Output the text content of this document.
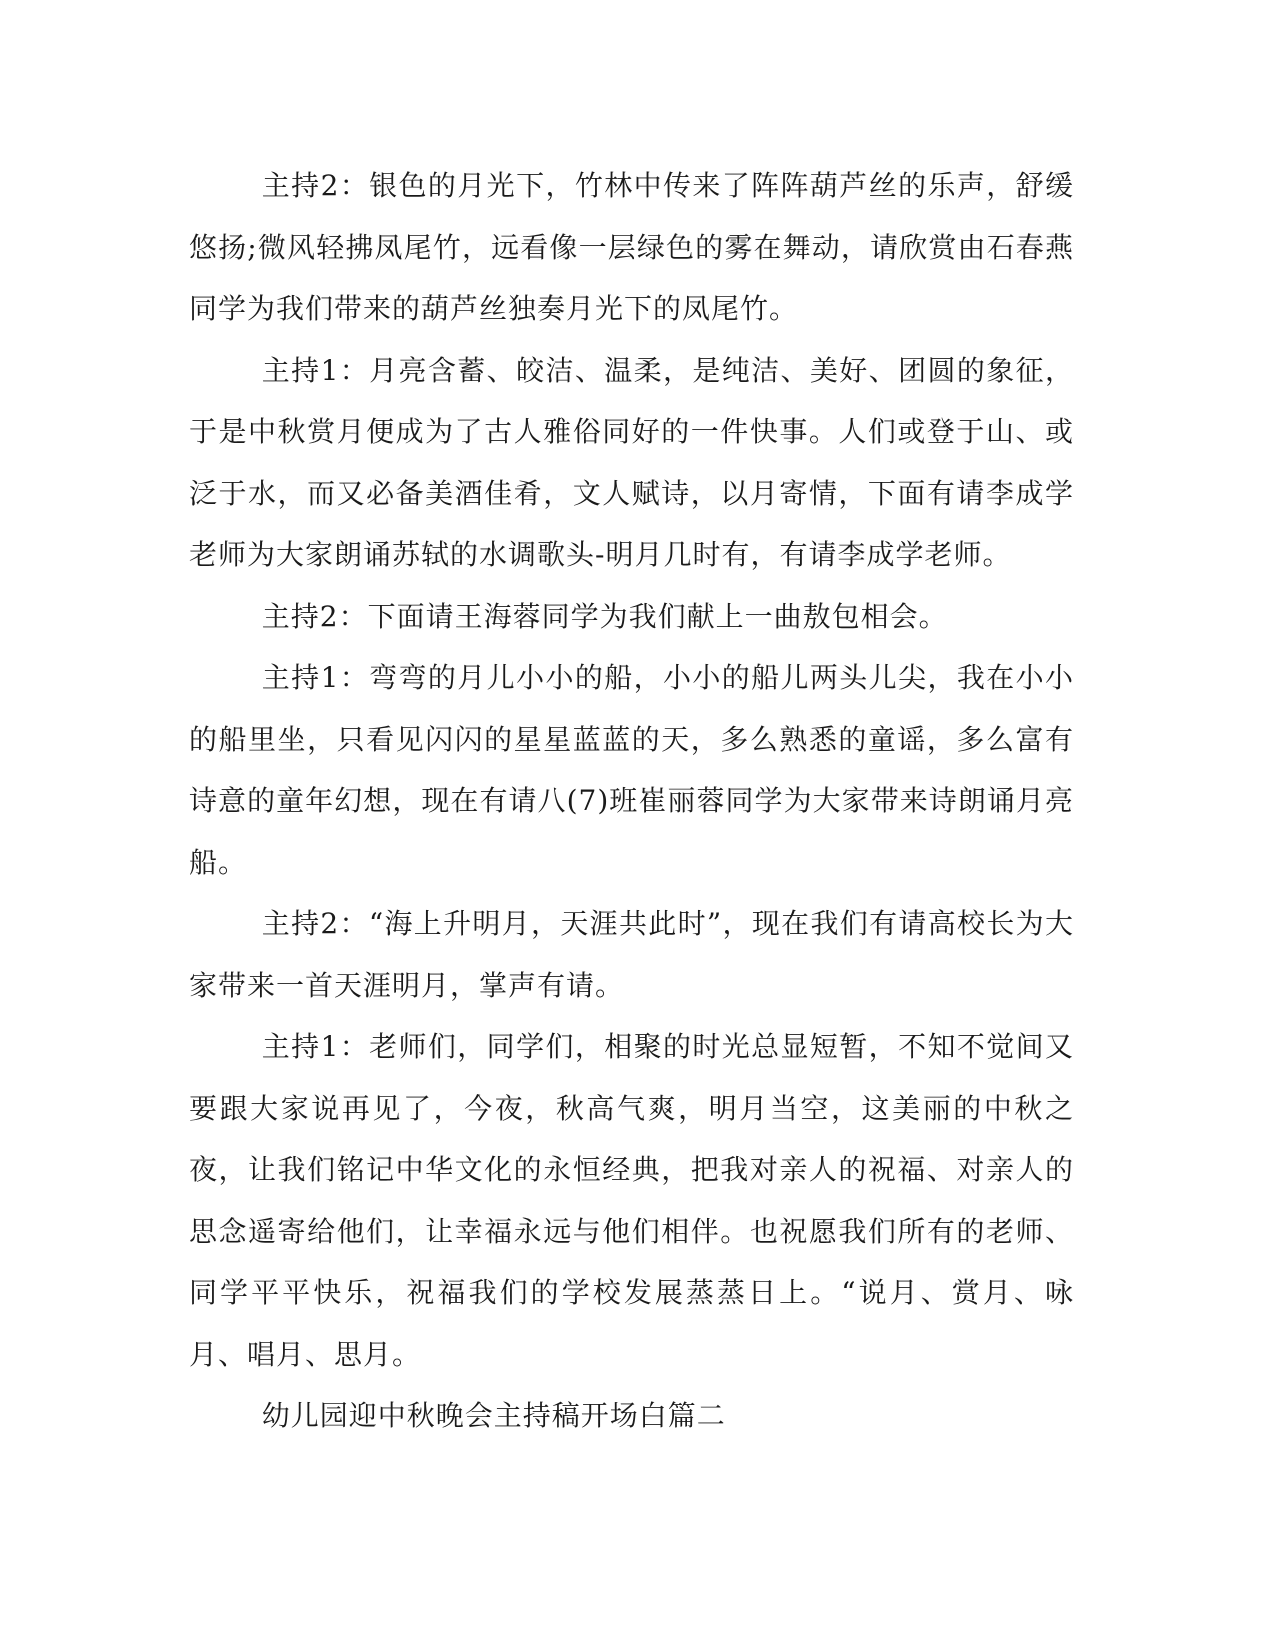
主持2：银色的月光下，竹林中传来了阵阵葫芦丝的乐声，舒缓悠扬;微风轻拂凤尾竹，远看像一层绿色的雾在舞动，请欣赏由石春燕同学为我们带来的葫芦丝独奏月光下的凤尾竹。

主持1：月亮含蓄、皎洁、温柔，是纯洁、美好、团圆的象征，于是中秋赏月便成为了古人雅俗同好的一件快事。人们或登于山、或泛于水，而又必备美酒佳肴，文人赋诗，以月寄情，下面有请李成学老师为大家朗诵苏轼的水调歌头-明月几时有，有请李成学老师。

主持2：下面请王海蓉同学为我们献上一曲敖包相会。

主持1：弯弯的月儿小小的船，小小的船儿两头儿尖，我在小小的船里坐，只看见闪闪的星星蓝蓝的天，多么熟悉的童谣，多么富有诗意的童年幻想，现在有请八(7)班崔丽蓉同学为大家带来诗朗诵月亮船。

主持2：“海上升明月，天涯共此时”，现在我们有请高校长为大家带来一首天涯明月，掌声有请。

主持1：老师们，同学们，相聚的时光总显短暂，不知不觉间又要跟大家说再见了，今夜，秋高气爽，明月当空，这美丽的中秋之夜，让我们铭记中华文化的永恒经典，把我对亲人的祝福、对亲人的思念遥寄给他们，让幸福永远与他们相伴。也祝愿我们所有的老师、同学平平快乐，祝福我们的学校发展蒸蒸日上。“说月、赏月、咏月、唱月、思月。

幼儿园迎中秋晚会主持稿开场白篇二
